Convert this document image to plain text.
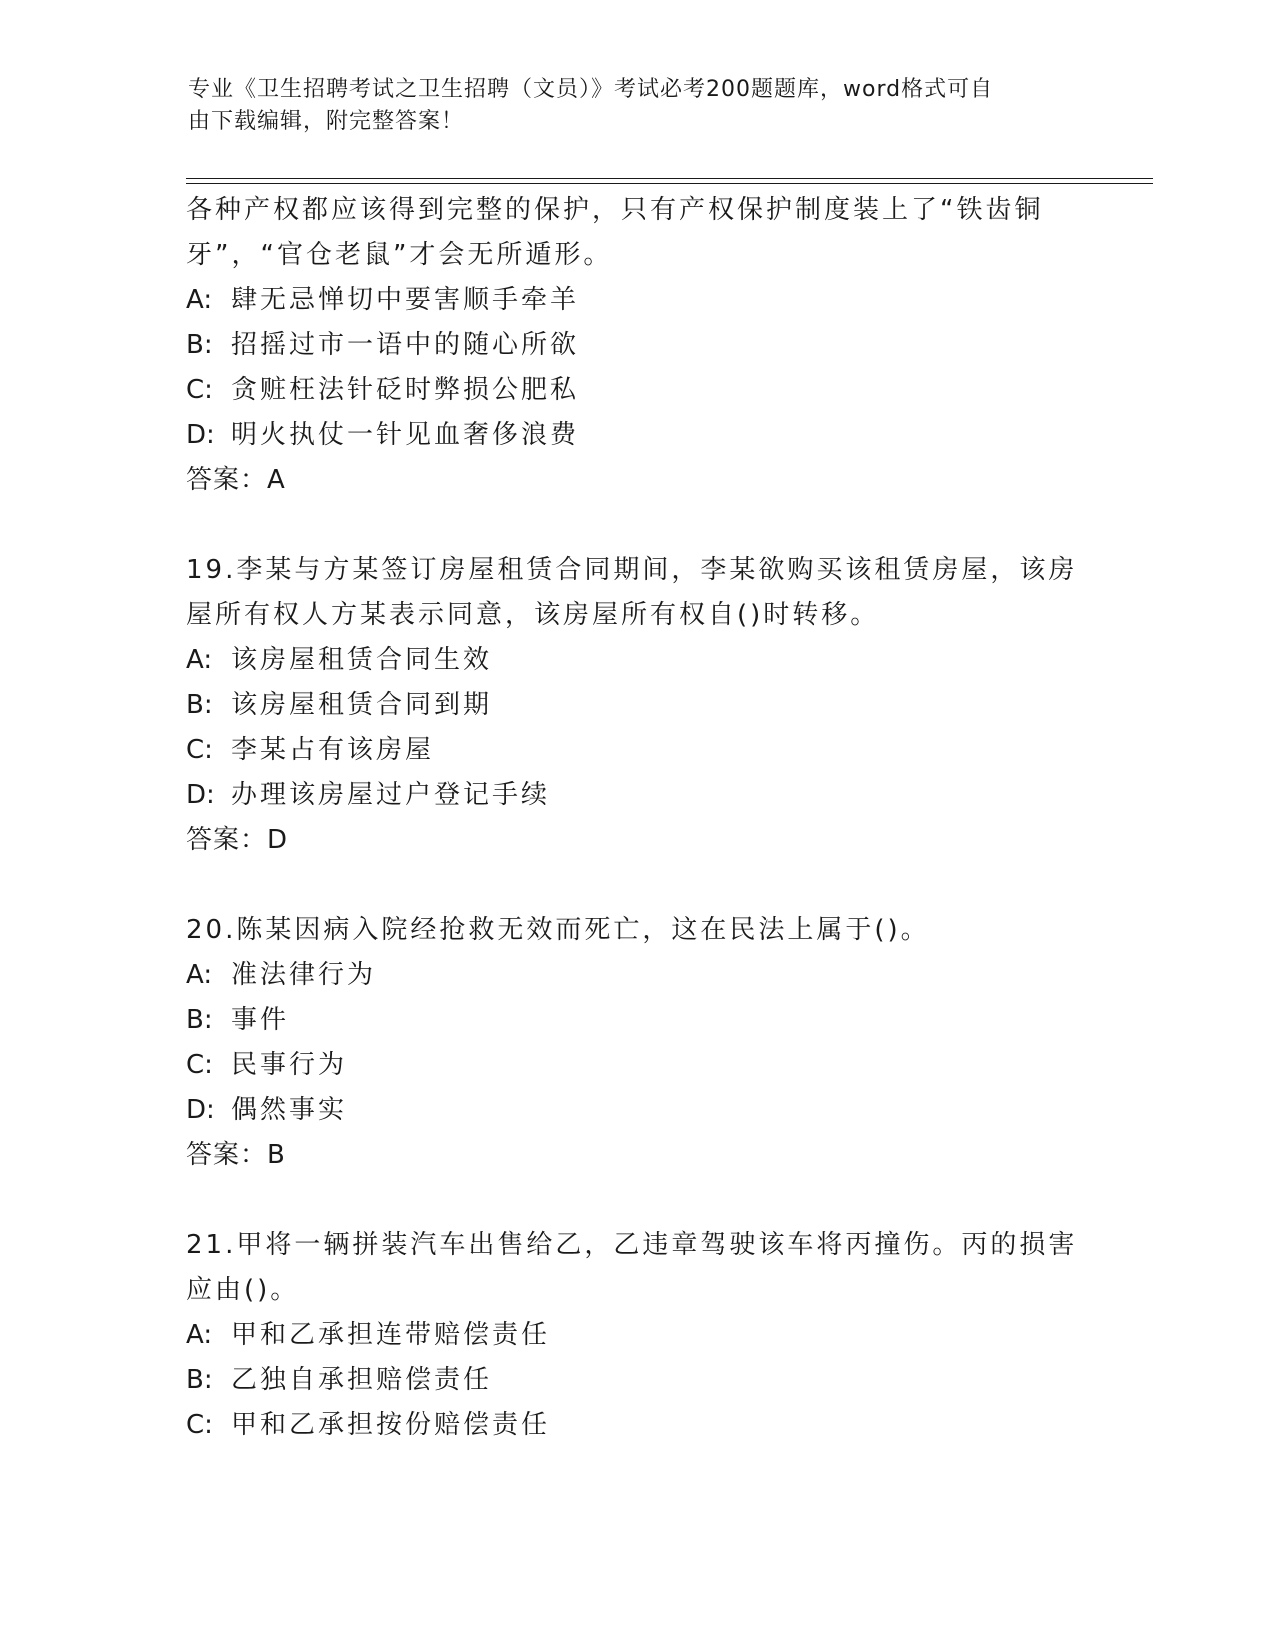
专业《卫生招聘考试之卫生招聘（文员）》考试必考200题题库，word格式可自
由下载编辑，附完整答案！
各种产权都应该得到完整的保护，只有产权保护制度装上了“铁齿铜牙”，“官仓老鼠”才会无所遁形。
A: 肆无忌惮切中要害顺手牵羊
B: 招摇过市一语中的随心所欲
C: 贪赃枉法针砭时弊损公肥私
D: 明火执仗一针见血奢侈浪费
答案：A
19.李某与方某签订房屋租赁合同期间，李某欲购买该租赁房屋，该房屋所有权人方某表示同意，该房屋所有权自()时转移。
A: 该房屋租赁合同生效
B: 该房屋租赁合同到期
C: 李某占有该房屋
D: 办理该房屋过户登记手续
答案：D
20.陈某因病入院经抢救无效而死亡，这在民法上属于()。
A: 准法律行为
B: 事件
C: 民事行为
D: 偶然事实
答案：B
21.甲将一辆拼装汽车出售给乙，乙违章驾驶该车将丙撞伤。丙的损害应由()。
A: 甲和乙承担连带赔偿责任
B: 乙独自承担赔偿责任
C: 甲和乙承担按份赔偿责任
